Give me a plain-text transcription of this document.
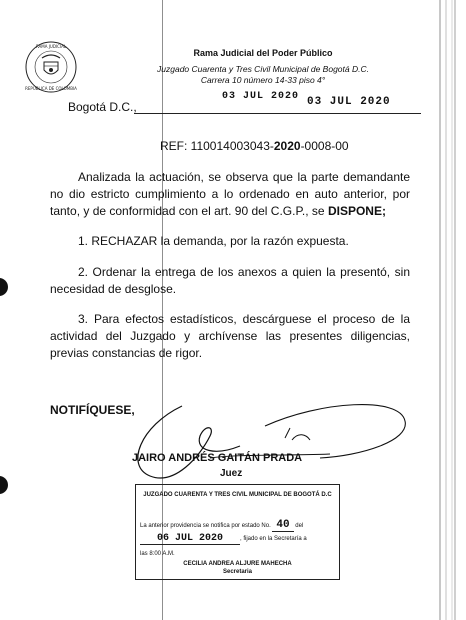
RAMA JUDICIAL
REPÚBLICA DE COLOMBIA
Rama Judicial del Poder Público
Juzgado Cuarenta y Tres Civil Municipal de Bogotá D.C.
Carrera 10 número 14-33 piso 4°
Bogotá D.C.,
03 JUL 2020 03 JUL 2020
REF: 110014003043-2020-0008-00
Analizada la actuación, se observa que la parte demandante no dio estricto cumplimiento a lo ordenado en auto anterior, por tanto, y de conformidad con el art. 90 del C.G.P., se DISPONE;
1. RECHAZAR la demanda, por la razón expuesta.
2. Ordenar la entrega de los anexos a quien la presentó, sin necesidad de desglose.
3. Para efectos estadísticos, descárguese el proceso de la actividad del Juzgado y archívense las presentes diligencias, previas constancias de rigor.
NOTIFÍQUESE,
JAIRO ANDRÉS GAITÁN PRADA
Juez
JUZGADO CUARENTA Y TRES CIVIL MUNICIPAL DE BOGOTÁ D.C
La anterior providencia se notifica por estado No. 40 del
06 JUL 2020	, fijado en la Secretaría a
las 8:00 A.M.
CECILIA ANDREA ALJURE MAHECHA
Secretaria
